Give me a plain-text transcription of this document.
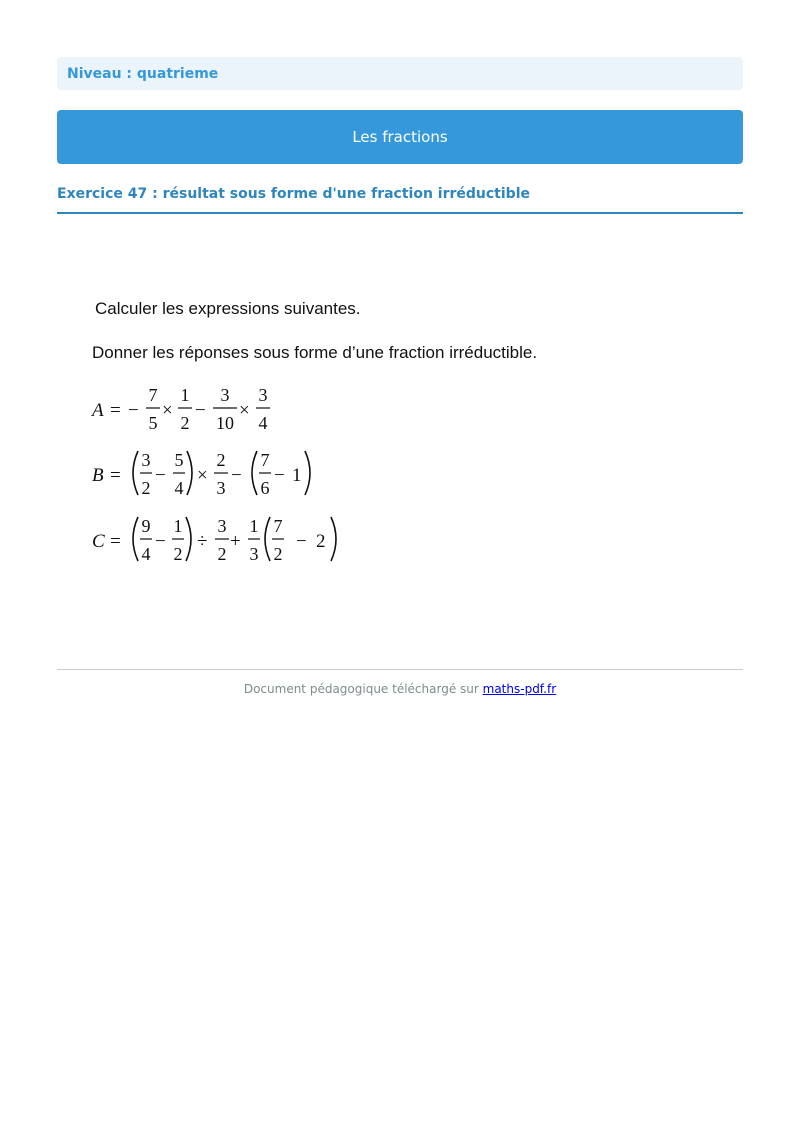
Niveau : quatrieme
Les fractions
Exercice 47 : résultat sous forme d'une fraction irréductible
Calculer les expressions suivantes.
Donner les réponses sous forme d’une fraction irréductible.
A = −
7
5
×
1
2
−
3
10
×
3
4
B =
3
2
−
5
4
×
2
3
−
7
6
− 1
C =
9
4
−
1
2
÷
3
2
+
1
3
7
2
− 2
Document pédagogique téléchargé sur maths-pdf.fr
